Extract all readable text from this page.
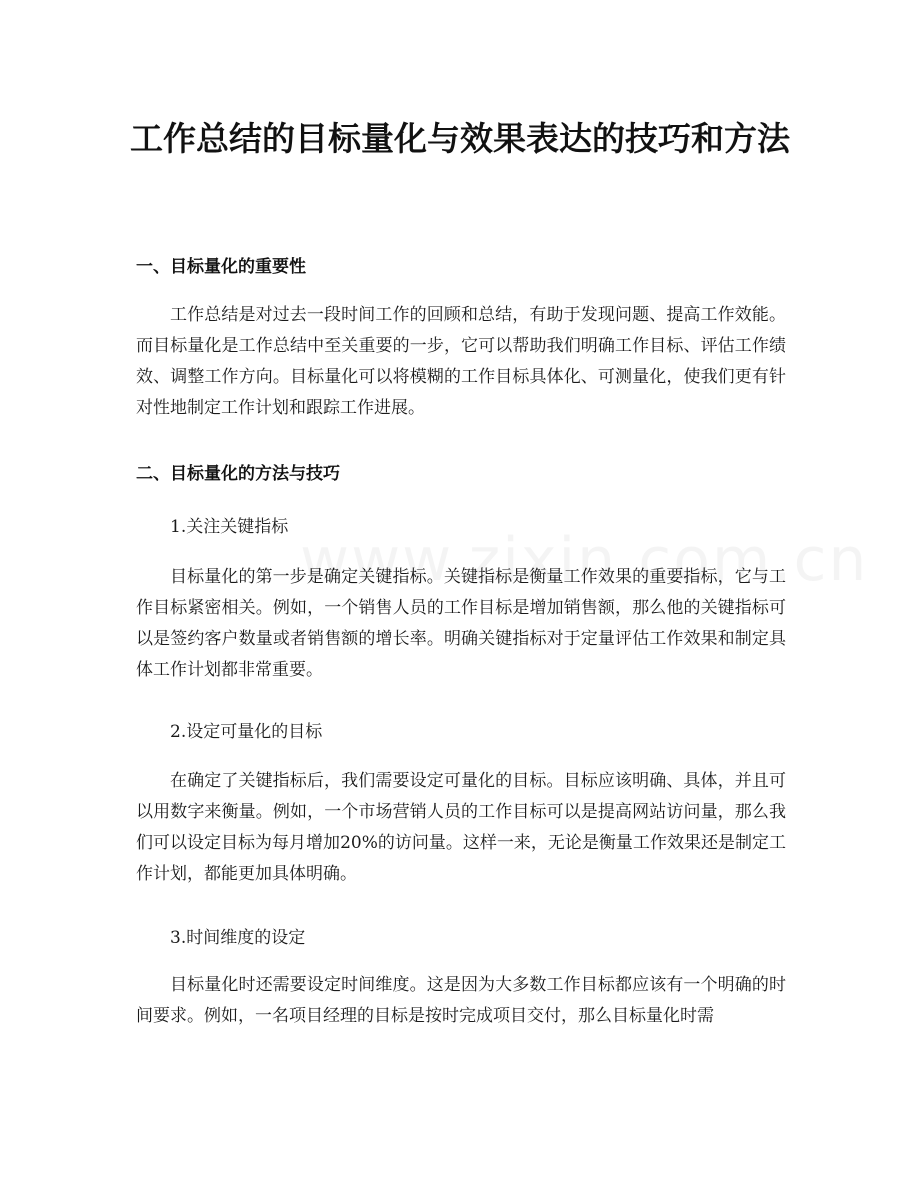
工作总结的目标量化与效果表达的技巧和方法
一、目标量化的重要性

工作总结是对过去一段时间工作的回顾和总结，有助于发现问题、提高工作效能。而目标量化是工作总结中至关重要的一步，它可以帮助我们明确工作目标、评估工作绩效、调整工作方向。目标量化可以将模糊的工作目标具体化、可测量化，使我们更有针对性地制定工作计划和跟踪工作进展。

二、目标量化的方法与技巧

1.关注关键指标

目标量化的第一步是确定关键指标。关键指标是衡量工作效果的重要指标，它与工作目标紧密相关。例如，一个销售人员的工作目标是增加销售额，那么他的关键指标可以是签约客户数量或者销售额的增长率。明确关键指标对于定量评估工作效果和制定具体工作计划都非常重要。

2.设定可量化的目标

在确定了关键指标后，我们需要设定可量化的目标。目标应该明确、具体，并且可以用数字来衡量。例如，一个市场营销人员的工作目标可以是提高网站访问量，那么我们可以设定目标为每月增加20%的访问量。这样一来，无论是衡量工作效果还是制定工作计划，都能更加具体明确。

3.时间维度的设定

目标量化时还需要设定时间维度。这是因为大多数工作目标都应该有一个明确的时间要求。例如，一名项目经理的目标是按时完成项目交付，那么目标量化时需
